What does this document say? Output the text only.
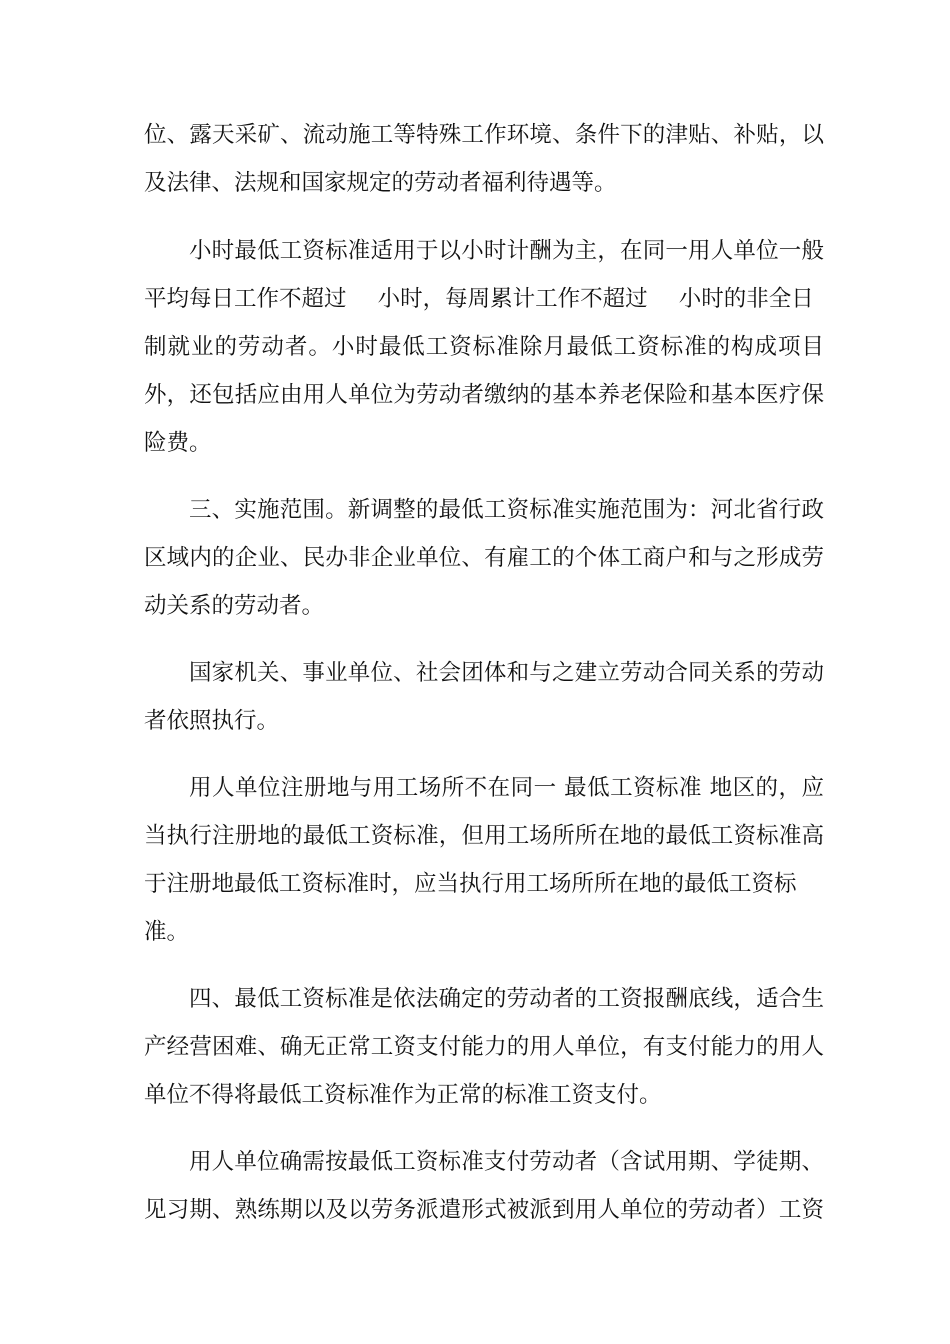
位、露天采矿、流动施工等特殊工作环境、条件下的津贴、补贴，以
及法律、法规和国家规定的劳动者福利待遇等。
小时最低工资标准适用于以小时计酬为主，在同一用人单位一般
平均每日工作不超过 小时，每周累计工作不超过 小时的非全日
制就业的劳动者。小时最低工资标准除月最低工资标准的构成项目
外，还包括应由用人单位为劳动者缴纳的基本养老保险和基本医疗保
险费。
三、实施范围。新调整的最低工资标准实施范围为：河北省行政
区域内的企业、民办非企业单位、有雇工的个体工商户和与之形成劳
动关系的劳动者。
国家机关、事业单位、社会团体和与之建立劳动合同关系的劳动
者依照执行。
用人单位注册地与用工场所不在同一 最低工资标准 地区的，应
当执行注册地的最低工资标准，但用工场所所在地的最低工资标准高
于注册地最低工资标准时，应当执行用工场所所在地的最低工资标
准。
四、最低工资标准是依法确定的劳动者的工资报酬底线，适合生
产经营困难、确无正常工资支付能力的用人单位，有支付能力的用人
单位不得将最低工资标准作为正常的标准工资支付。
用人单位确需按最低工资标准支付劳动者（含试用期、学徒期、
见习期、熟练期以及以劳务派遣形式被派到用人单位的劳动者）工资
